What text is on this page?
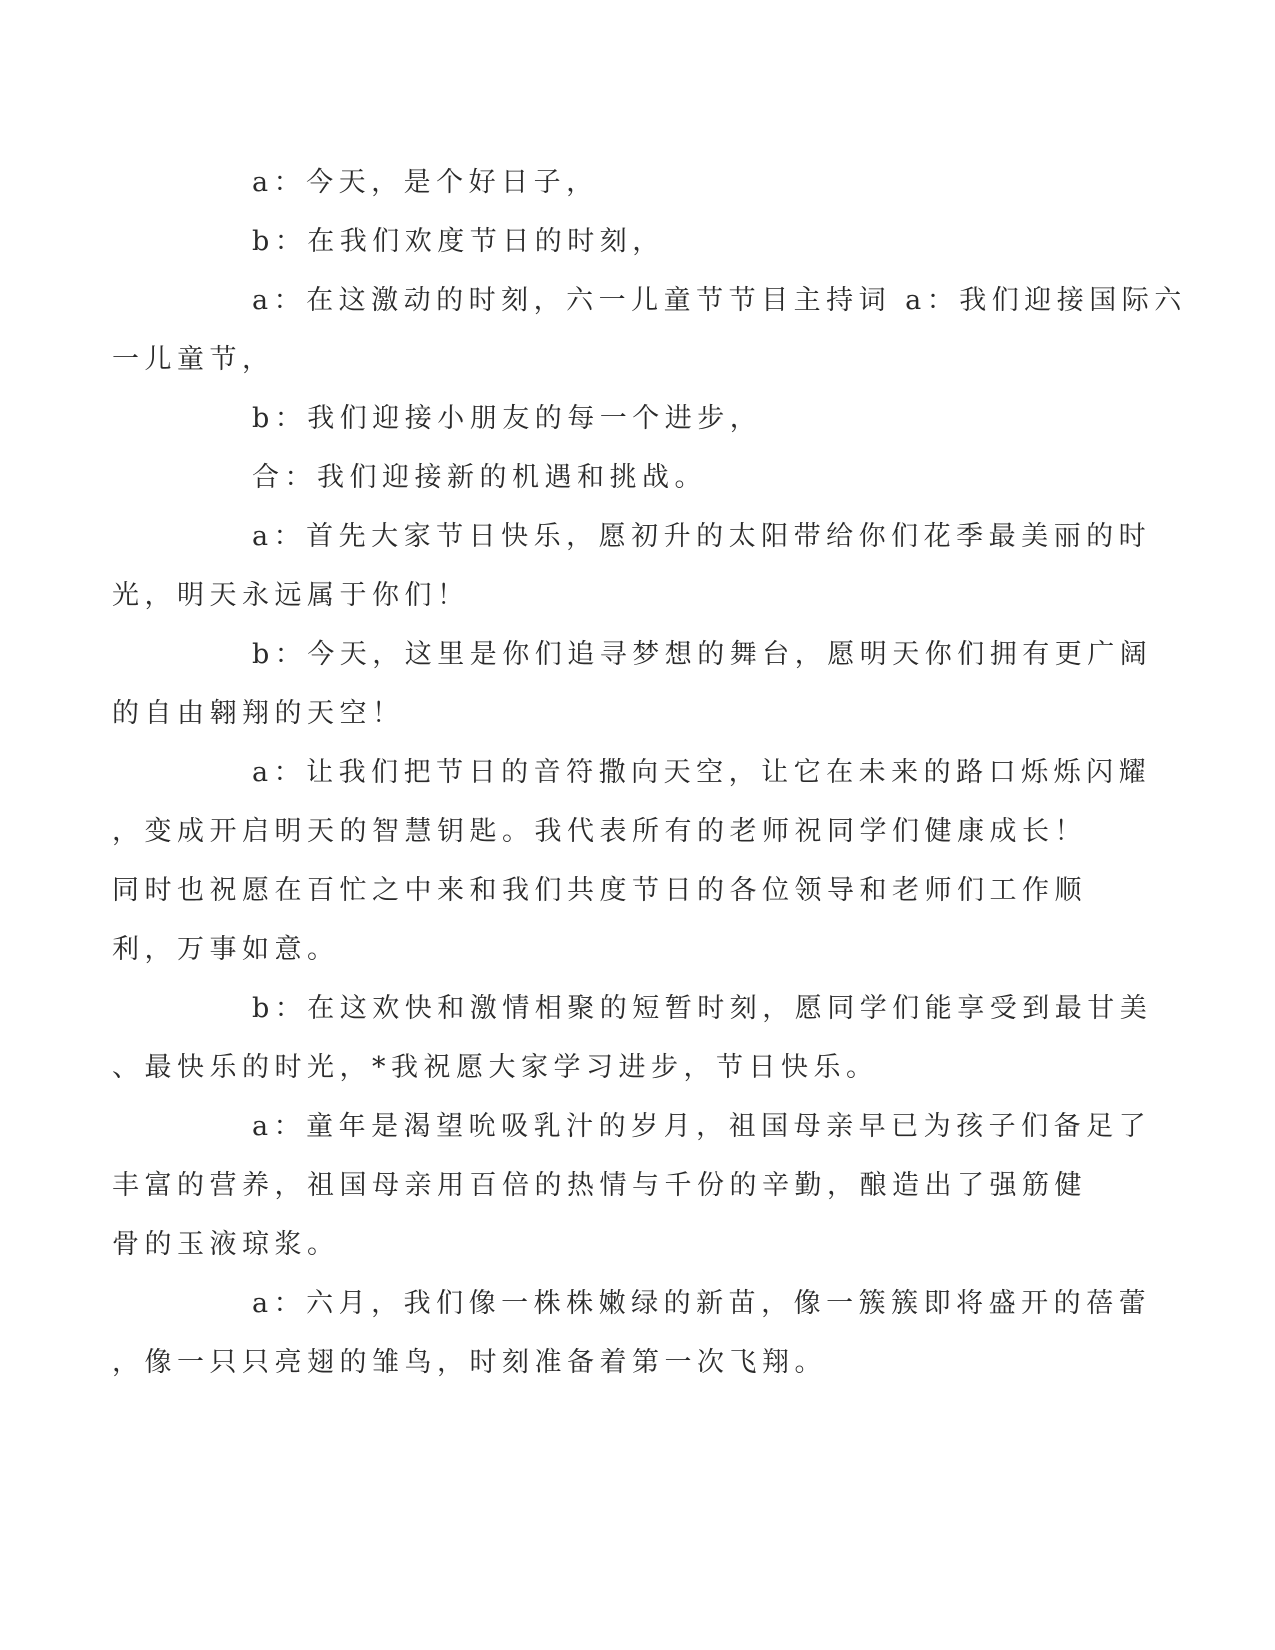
a：今天，是个好日子，

b：在我们欢度节日的时刻，

a：在这激动的时刻，六一儿童节节目主持词 a：我们迎接国际六
一儿童节，

b：我们迎接小朋友的每一个进步，

合：我们迎接新的机遇和挑战。

a：首先大家节日快乐，愿初升的太阳带给你们花季最美丽的时
光，明天永远属于你们！

b：今天，这里是你们追寻梦想的舞台，愿明天你们拥有更广阔
的自由翱翔的天空！

a：让我们把节日的音符撒向天空，让它在未来的路口烁烁闪耀
，变成开启明天的智慧钥匙。我代表所有的老师祝同学们健康成长！
同时也祝愿在百忙之中来和我们共度节日的各位领导和老师们工作顺
利，万事如意。

b：在这欢快和激情相聚的短暂时刻，愿同学们能享受到最甘美
、最快乐的时光，*我祝愿大家学习进步，节日快乐。

a：童年是渴望吮吸乳汁的岁月，祖国母亲早已为孩子们备足了
丰富的营养，祖国母亲用百倍的热情与千份的辛勤，酿造出了强筋健
骨的玉液琼浆。

a：六月，我们像一株株嫩绿的新苗，像一簇簇即将盛开的蓓蕾
，像一只只亮翅的雏鸟，时刻准备着第一次飞翔。
